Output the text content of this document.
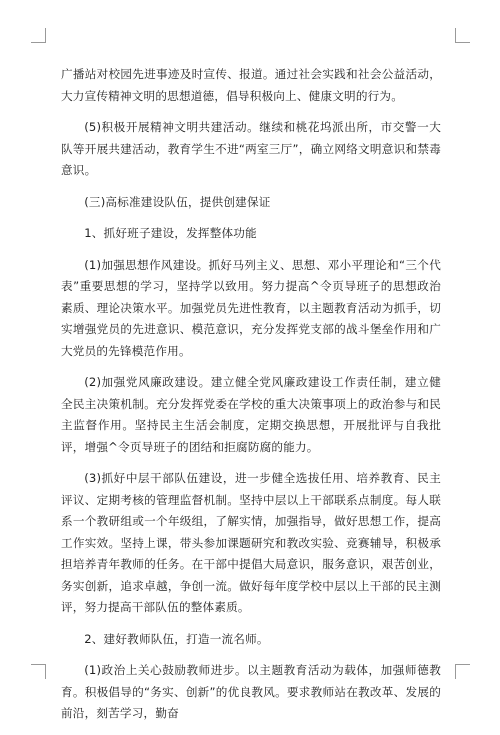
广播站对校园先进事迹及时宣传、报道。通过社会实践和社会公益活动，大力宣传精神文明的思想道德，倡导积极向上、健康文明的行为。

(5)积极开展精神文明共建活动。继续和桃花坞派出所，市交警一大队等开展共建活动，教育学生不进“两室三厅”，确立网络文明意识和禁毒意识。

(三)高标准建设队伍，提供创建保证

1、抓好班子建设，发挥整体功能

(1)加强思想作风建设。抓好马列主义、思想、邓小平理论和“三个代表”重要思想的学习，坚持学以致用。努力提高^令页导班子的思想政治素质、理论决策水平。加强党员先进性教育，以主题教育活动为抓手，切实增强党员的先进意识、模范意识，充分发挥党支部的战斗堡垒作用和广大党员的先锋模范作用。

(2)加强党风廉政建设。建立健全党风廉政建设工作责任制，建立健全民主决策机制。充分发挥党委在学校的重大决策事项上的政治参与和民主监督作用。坚持民主生活会制度，定期交换思想，开展批评与自我批评，增强^令页导班子的团结和拒腐防腐的能力。

(3)抓好中层干部队伍建设，进一步健全选拔任用、培养教育、民主评议、定期考核的管理监督机制。坚持中层以上干部联系点制度。每人联系一个教研组或一个年级组，了解实情，加强指导，做好思想工作，提高工作实效。坚持上课，带头参加课题研究和教改实验、竞赛辅导，积极承担培养青年教师的任务。在干部中提倡大局意识，服务意识，艰苦创业，务实创新，追求卓越，争创一流。做好每年度学校中层以上干部的民主测评，努力提高干部队伍的整体素质。

2、建好教师队伍，打造一流名师。

(1)政治上关心鼓励教师进步。以主题教育活动为载体，加强师德教育。积极倡导的“务实、创新”的优良教风。要求教师站在教改革、发展的前沿，刻苦学习，勤奋
